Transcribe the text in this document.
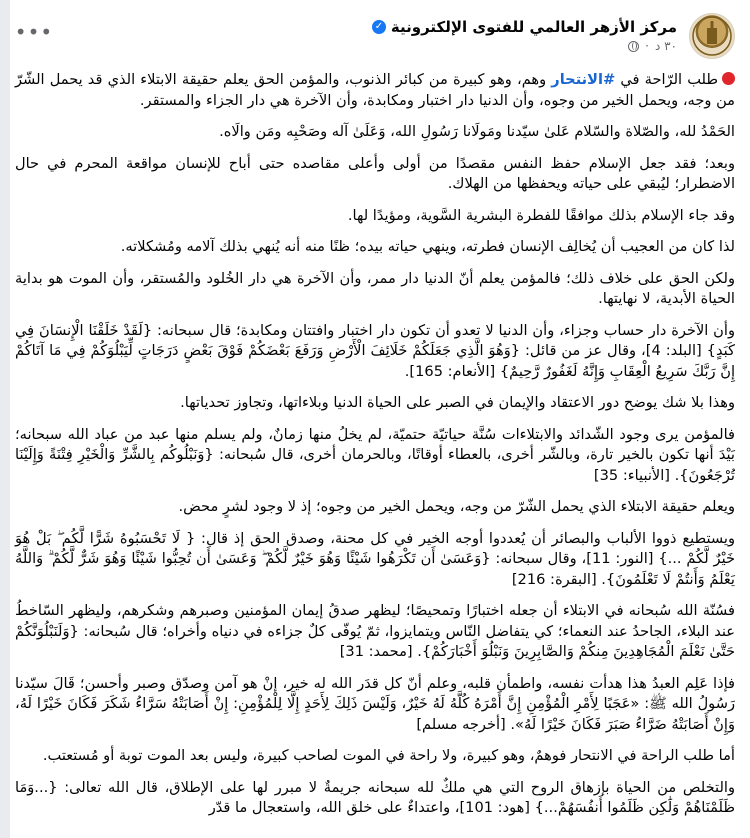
مركز الأزهر العالمي للفتوى الإلكترونية
✓
٣٠ د
·
•••

طلب الرّاحة في #الانتحار وهم، وهو كبيرة من كبائر الذنوب، والمؤمن الحق يعلم حقيقة الابتلاء الذي قد يحمل الشّرّ من وجه، ويحمل الخير من وجوه، وأن الدنيا دار اختبار ومكابدة، وأن الآخرة هي دار الجزاء والمستقر.

الحَمْدُ لله، والصّلاة والسّلام عَلىٰ سيّدنا ومَولَانا رَسُولِ الله، وَعَلَىٰ آله وصَحْبِه ومَن والَاه.

وبعد؛ فقد جعل الإسلام حفظ النفس مقصدًا من أولى وأعلى مقاصده حتى أباح للإنسان مواقعة المحرم في حال الاضطرار؛ ليُبقي على حياته ويحفظها من الهلاك.

وقد جاء الإسلام بذلك موافقًا للفطرة البشرية السَّوية، ومؤيدًا لها.

لذا كان من العجيب أن يُخالِف الإنسان فطرته، وينهي حياته بيده؛ ظنًا منه أنه يُنهي بذلك آلامه ومُشكلاته.

ولكن الحق على خلاف ذلك؛ فالمؤمن يعلم أنّ الدنيا دار ممر، وأن الآخرة هي دار الخُلود والمُستقر، وأن الموت هو بداية الحياة الأبدية، لا نهايتها.

وأن الآخرة دار حساب وجزاء، وأن الدنيا لا تعدو أن تكون دار اختبار وافتتان ومكابدة؛ قال سبحانه: {لَقَدْ خَلَقْنَا الْإِنسَانَ فِي كَبَدٍ} [البلد: 4]، وقال عز من قائل: {وَهُوَ الَّذِي جَعَلَكُمْ خَلَائِفَ الْأَرْضِ وَرَفَعَ بَعْضَكُمْ فَوْقَ بَعْضٍ دَرَجَاتٍ لِّيَبْلُوَكُمْ فِي مَا آتَاكُمْ إِنَّ رَبَّكَ سَرِيعُ الْعِقَابِ وَإِنَّهُ لَغَفُورٌ رَّحِيمٌ} [الأنعام: 165].

وهذا بلا شك يوضح دور الاعتقاد والإيمان في الصبر على الحياة الدنيا وبلاءاتها، وتجاوز تحدياتها.

فالمؤمن يرى وجود الشّدائد والابتلاءات سُنَّة حياتيّة حتميّة، لم يخلُ منها زمانٌ، ولم يسلم منها عبد من عباد الله سبحانه؛ بَيْدَ أنها تكون بالخير تارة، وبالشّر أخرى، بالعطاء أوقاتًا، وبالحرمان أخرى، قال سُبحانه: {وَنَبْلُوكُم بِالشَّرِّ وَالْخَيْرِ فِتْنَةً وَإِلَيْنَا تُرْجَعُونَ}. [الأنبياء: 35]

ويعلم حقيقة الابتلاء الذي يحمل الشّرّ من وجه، ويحمل الخير من وجوه؛ إذ لا وجود لشرٍ محض.

ويستطيع ذووا الألباب والبصائر أن يُعددوا أوجه الخير في كل محنة، وصدق الحق إذ قال: { لَا تَحْسَبُوهُ شَرًّا لَّكُم ۖ بَلْ هُوَ خَيْرٌ لَّكُمْ ...} [النور: 11]، وقال سبحانه: {وَعَسَىٰ أَن تَكْرَهُوا شَيْئًا وَهُوَ خَيْرٌ لَّكُمْ ۖ وَعَسَىٰ أَن تُحِبُّوا شَيْئًا وَهُوَ شَرٌّ لَّكُمْ ۗ وَاللَّهُ يَعْلَمُ وَأَنتُمْ لَا تَعْلَمُونَ}. [البقرة: 216]

فسُنّة الله سُبحانه في الابتلاء أن جعله اختبارًا وتمحيصًا؛ ليظهر صدقُ إيمان المؤمنين وصبرهم وشكرهم، وليظهر السّاخطُ عند البلاء، الجاحدُ عند النعماء؛ كي يتفاضل النّاس ويتمايزوا، ثمّ يُوفّى كلٌ جزاءه في دنياه وأخراه؛ قال سُبحانه: {وَلَنَبْلُوَنَّكُمْ حَتَّىٰ نَعْلَمَ الْمُجَاهِدِينَ مِنكُمْ وَالصَّابِرِينَ وَنَبْلُوَ أَخْبَارَكُمْ}. [محمد: 31]

فإذا عَلِم العبدُ هذا هدأت نفسه، واطمأن قلبه، وعلم أنّ كل قدَر الله له خير، إنْ هو آمن وصدّق وصبر وأحسن؛ قَالَ سيّدنا رَسُولُ الله ﷺ: «عَجَبًا لِأَمْرِ الْمُؤْمِنِ إِنَّ أَمْرَهُ كُلَّهُ لَهُ خَيْرٌ، وَلَيْسَ ذَلِكَ لِأَحَدٍ إِلَّا لِلْمُؤْمِنِ: إِنْ أَصَابَتْهُ سَرَّاءُ شَكَرَ فَكَانَ خَيْرًا لَهُ، وَإِنْ أَصَابَتْهُ ضَرَّاءُ صَبَرَ فَكَانَ خَيْرًا لَهُ». [أخرجه مسلم]

أما طلب الراحة في الانتحار فوهمٌ، وهو كبيرة، ولا راحة في الموت لصاحب كبيرة، وليس بعد الموت توبة أو مُستعتب.

والتخلص من الحياة بإزهاق الروح التي هي ملكٌ لله سبحانه جريمةٌ لا مبرر لها على الإطلاق، قال الله تعالى: {...وَمَا ظَلَمْنَاهُمْ وَلَٰكِن ظَلَمُوا أَنفُسَهُمْ...} [هود: 101]، واعتداءٌ على خلق الله، واستعجال ما قدّر
